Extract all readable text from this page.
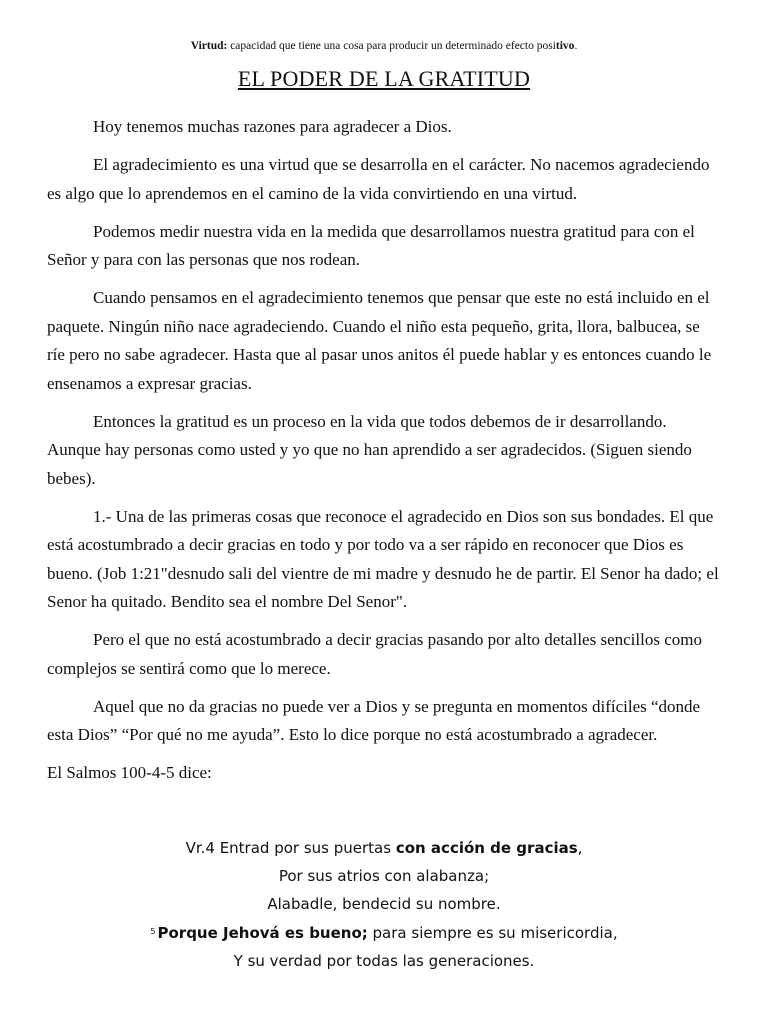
Virtud: capacidad que tiene una cosa para producir un determinado efecto positivo.
EL PODER DE LA GRATITUD

Hoy tenemos muchas razones para agradecer a Dios.

El agradecimiento es una virtud que se desarrolla en el carácter. No nacemos agradeciendo es algo que lo aprendemos en el camino de la vida convirtiendo en una virtud.

Podemos medir nuestra vida en la medida que desarrollamos nuestra gratitud para con el Señor y para con las personas que nos rodean.

Cuando pensamos en el agradecimiento tenemos que pensar que este no está incluido en el paquete. Ningún niño nace agradeciendo. Cuando el niño esta pequeño, grita, llora, balbucea, se ríe pero no sabe agradecer. Hasta que al pasar unos anitos él puede hablar y es entonces cuando le ensenamos a expresar gracias.

Entonces la gratitud es un proceso en la vida que todos debemos de ir desarrollando. Aunque hay personas como usted y yo que no han aprendido a ser agradecidos. (Siguen siendo bebes).

1.- Una de las primeras cosas que reconoce el agradecido en Dios son sus bondades. El que está acostumbrado a decir gracias en todo y por todo va a ser rápido en reconocer que Dios es bueno. (Job 1:21"desnudo sali del vientre de mi madre y desnudo he de partir. El Senor ha dado; el Senor ha quitado. Bendito sea el nombre Del Senor".

Pero el que no está acostumbrado a decir gracias pasando por alto detalles sencillos como complejos se sentirá como que lo merece.

Aquel que no da gracias no puede ver a Dios y se pregunta en momentos difíciles “donde esta Dios” “Por qué no me ayuda”. Esto lo dice porque no está acostumbrado a agradecer.

El Salmos 100-4-5 dice:

Vr.4 Entrad por sus puertas con acción de gracias,
Por sus atrios con alabanza;
Alabadle, bendecid su nombre.
$^5$ Porque Jehová es bueno; para siempre es su misericordia,
Y su verdad por todas las generaciones.
